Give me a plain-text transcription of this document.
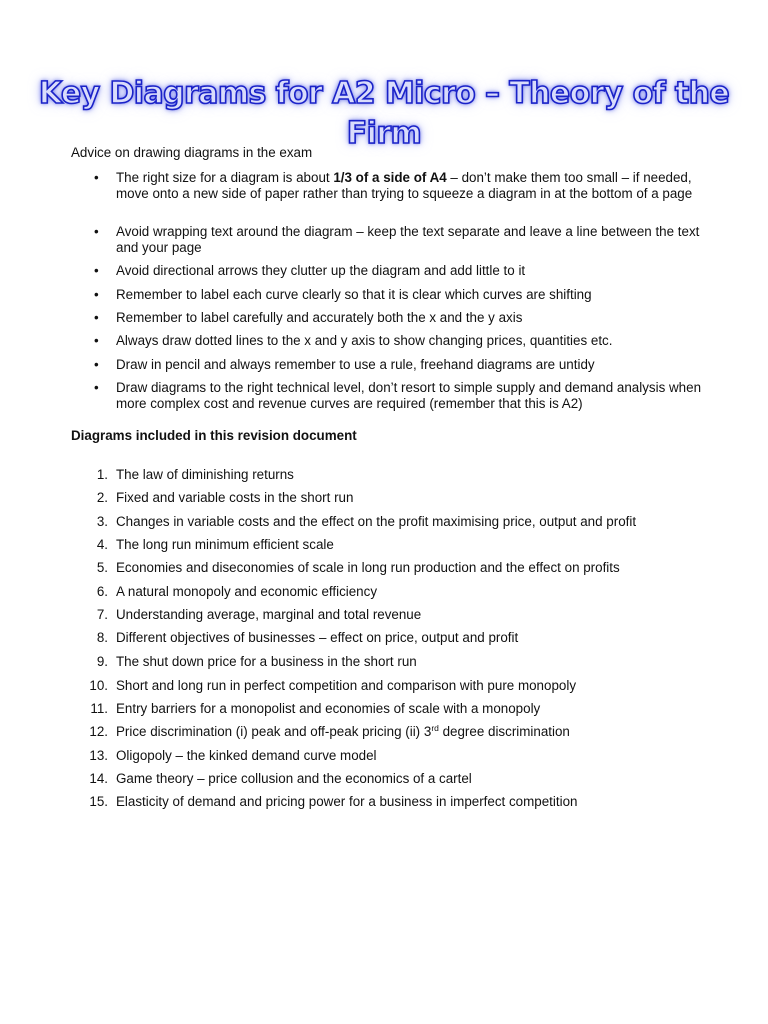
Key Diagrams for A2 Micro – Theory of the Firm
Advice on drawing diagrams in the exam
•	The right size for a diagram is about 1/3 of a side of A4 – don’t make them too small – if needed, move onto a new side of paper rather than trying to squeeze a diagram in at the bottom of a page
•	Avoid wrapping text around the diagram – keep the text separate and leave a line between the text and your page
•	Avoid directional arrows they clutter up the diagram and add little to it
•	Remember to label each curve clearly so that it is clear which curves are shifting
•	Remember to label carefully and accurately both the x and the y axis
•	Always draw dotted lines to the x and y axis to show changing prices, quantities etc.
•	Draw in pencil and always remember to use a rule, freehand diagrams are untidy
•	Draw diagrams to the right technical level, don’t resort to simple supply and demand analysis when more complex cost and revenue curves are required (remember that this is A2)
Diagrams included in this revision document
1. The law of diminishing returns
2. Fixed and variable costs in the short run
3. Changes in variable costs and the effect on the profit maximising price, output and profit
4. The long run minimum efficient scale
5. Economies and diseconomies of scale in long run production and the effect on profits
6. A natural monopoly and economic efficiency
7. Understanding average, marginal and total revenue
8. Different objectives of businesses – effect on price, output and profit
9. The shut down price for a business in the short run
10. Short and long run in perfect competition and comparison with pure monopoly
11. Entry barriers for a monopolist and economies of scale with a monopoly
12. Price discrimination (i) peak and off-peak pricing (ii) 3rd degree discrimination
13. Oligopoly – the kinked demand curve model
14. Game theory – price collusion and the economics of a cartel
15. Elasticity of demand and pricing power for a business in imperfect competition
